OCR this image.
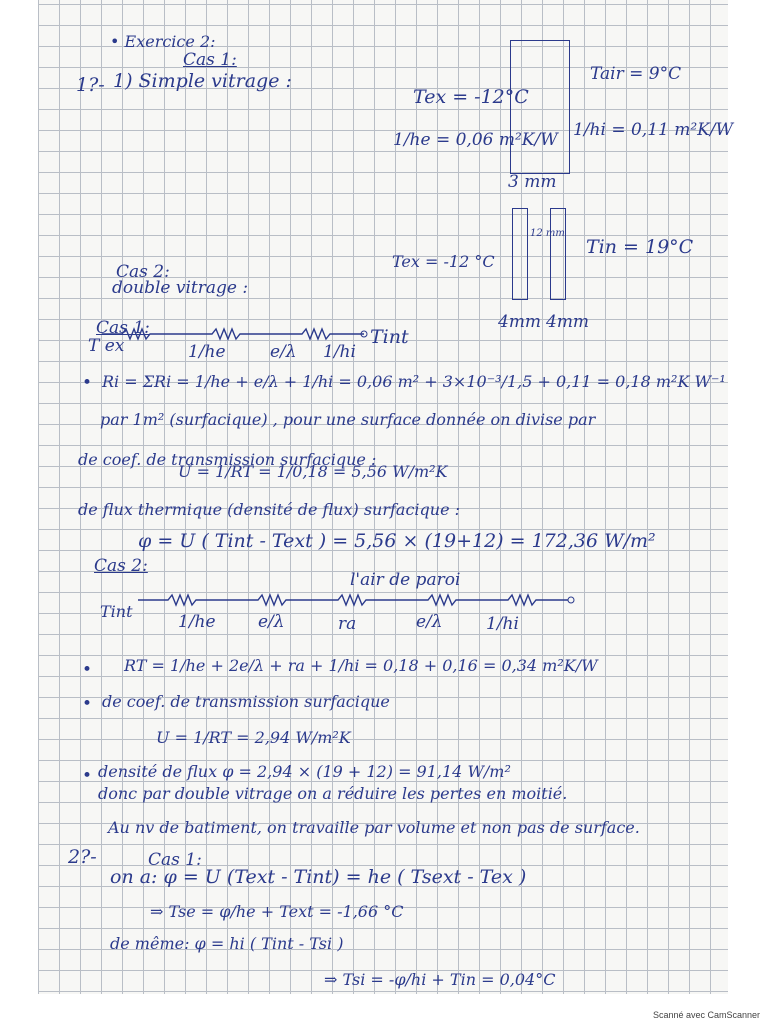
• Exercice 2:
Cas 1:
1?- 1) Simple vitrage :	Tair = 9°C
Tex = -12°C
1/he = 0,06 m²K/W 1/hi = 0,11 m²K/W
3 mm
Tex = -12 °C
12 mm
Tin = 19°C
4mm 4mm
Cas 2:
double vitrage :
Cas 1:
T ex	Tint
1/he	e/λ 1/hi
• Ri = ΣRi = 1/he + e/λ + 1/hi = 0,06 m² + 3×10⁻³/1,5 + 0,11 = 0,18 m²K W⁻¹
par 1m² (surfacique) , pour une surface donnée on divise par
de coef. de transmission surfacique :
U = 1/RT = 1/0,18 = 5,56 W/m²K
de flux thermique (densité de flux) surfacique :
φ = U ( Tint - Text ) = 5,56 × (19+12) = 172,36 W/m²
Cas 2:
l'air de paroi
Tint
1/he e/λ	ra	e/λ	1/hi
• RT = 1/he + 2e/λ + ra + 1/hi = 0,18 + 0,16 = 0,34 m²K/W
• de coef. de transmission surfacique
U = 1/RT = 2,94 W/m²K
• densité de flux φ = 2,94 × (19 + 12) = 91,14 W/m²
donc par double vitrage on a réduire les pertes en moitié.
Au nv de batiment, on travaille par volume et non pas de surface.
2?-	Cas 1:
on a: φ = U (Text - Tint) = he ( Tsext - Tex )
⇒ Tse = φ/he + Text = -1,66 °C
de même: φ = hi ( Tint - Tsi )
⇒ Tsi = -φ/hi + Tin = 0,04°C
Scanné avec CamScanner
